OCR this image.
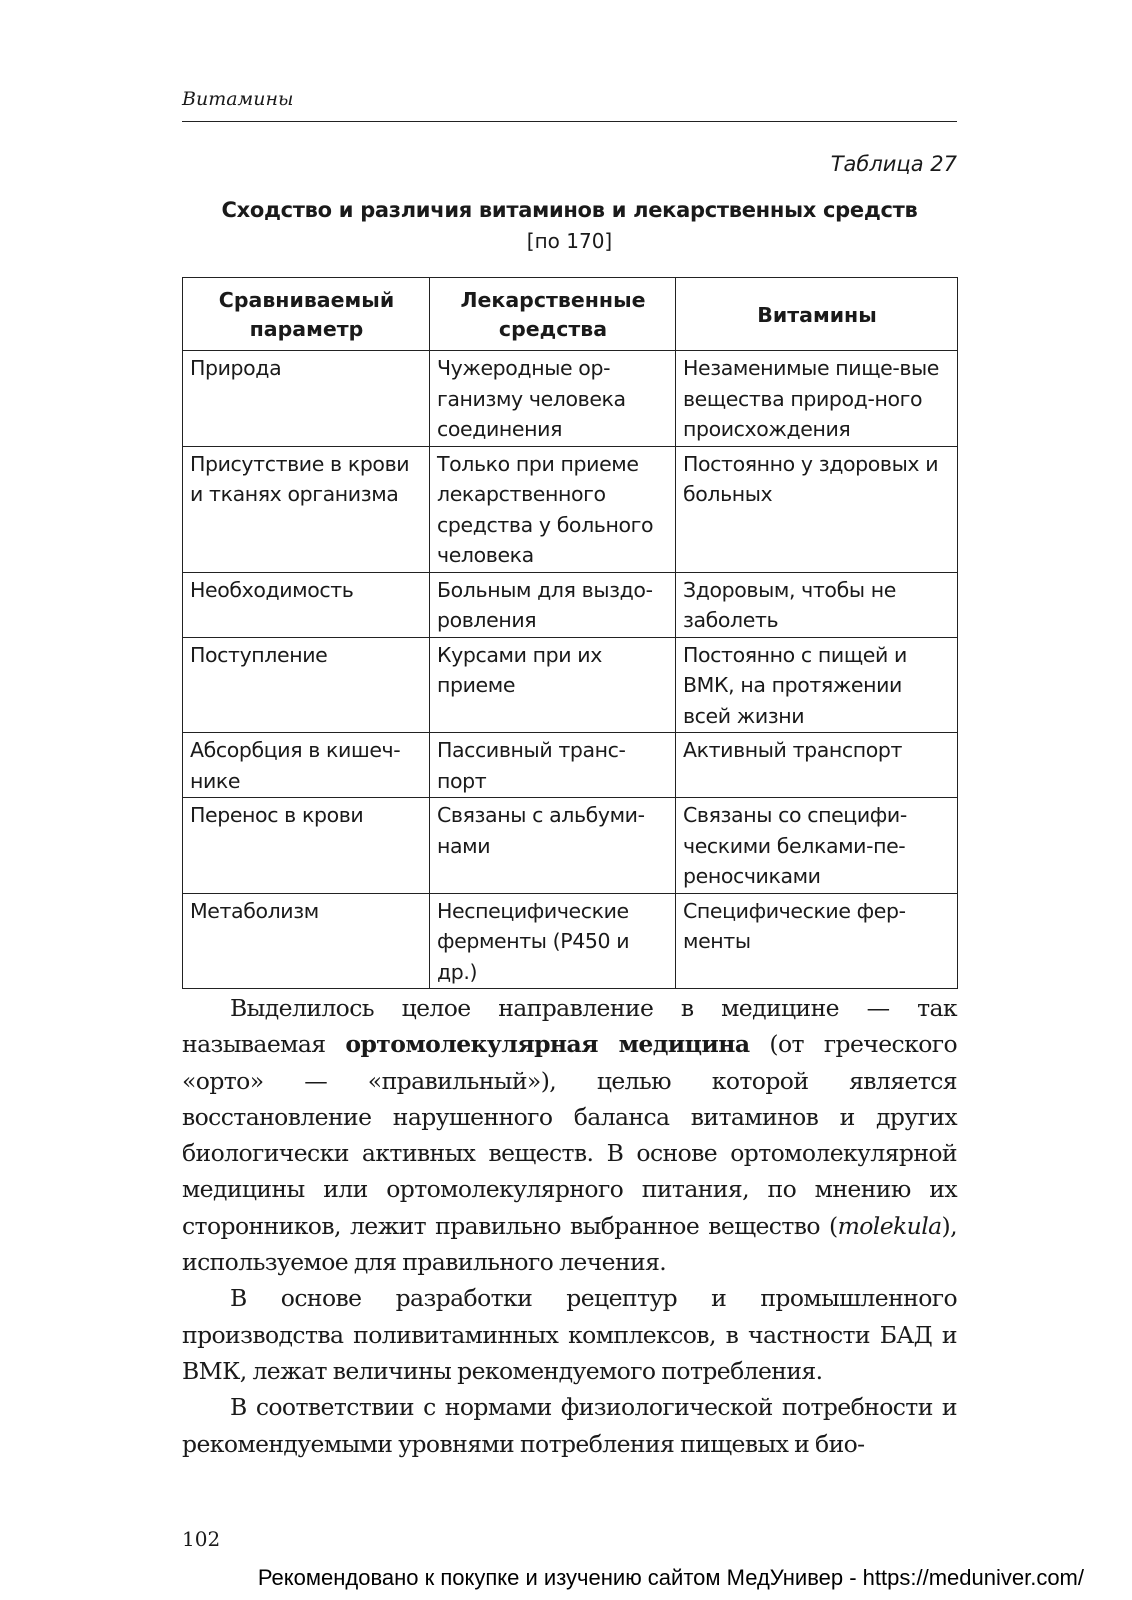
Витамины
Таблица 27
Сходство и различия витаминов и лекарственных средств
[по 170]
Сравниваемый параметр	Лекарственные средства	Витамины
Природа	Чужеродные ор-ганизму человека соединения	Незаменимые пище-вые вещества природ-ного происхождения
Присутствие в крови и тканях организма	Только при приеме лекарственного средства у больного человека	Постоянно у здоровых и больных
Необходимость	Больным для выздо-ровления	Здоровым, чтобы не заболеть
Поступление	Курсами при их приеме	Постоянно с пищей и ВМК, на протяжении всей жизни
Абсорбция в кишеч-нике	Пассивный транс-порт	Активный транспорт
Перенос в крови	Связаны с альбуми-нами	Связаны со специфи-ческими белками-пе-реносчиками
Метаболизм	Неспецифические ферменты (P450 и др.)	Специфические фер-менты

Выделилось целое направление в медицине — так называемая ортомолекулярная медицина (от греческого «орто» — «правильный»), целью которой является восстановление нарушенного баланса витаминов и других биологически активных веществ. В основе ортомолекулярной медицины или ортомолекулярного питания, по мнению их сторонников, лежит правильно выбранное вещество (molekula), используемое для правильного лечения.

В основе разработки рецептур и промышленного производства поливитаминных комплексов, в частности БАД и ВМК, лежат величины рекомендуемого потребления.

В соответствии с нормами физиологической потребности и рекомендуемыми уровнями потребления пищевых и био-

102
Рекомендовано к покупке и изучению сайтом МедУнивер - https://meduniver.com/
